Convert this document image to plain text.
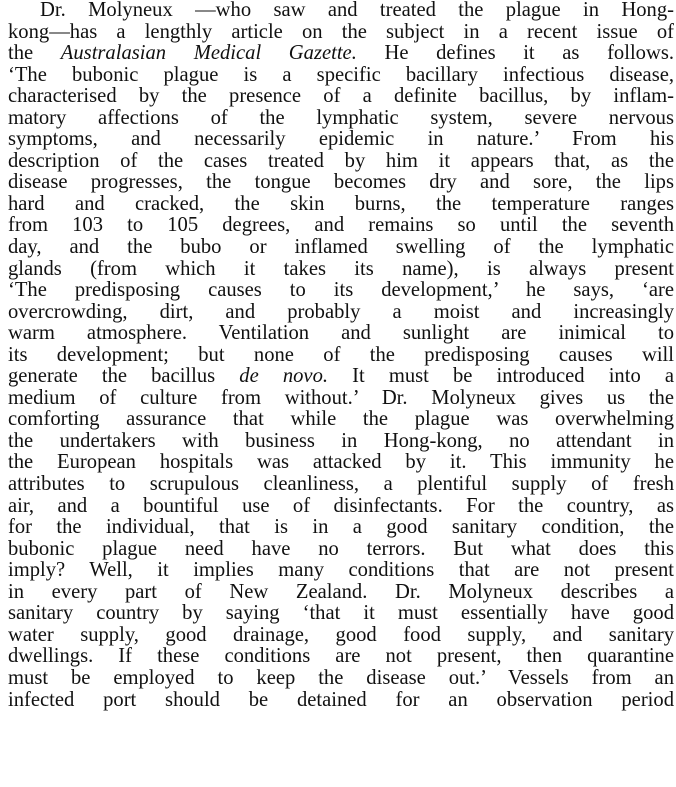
Dr. Molyneux —who saw and treated the plague in Hong-
kong—has a lengthly article on the subject in a recent issue of
the Australasian Medical Gazette. He defines it as follows.
‘The bubonic plague is a specific bacillary infectious disease,
characterised by the presence of a definite bacillus, by inflam-
matory affections of the lymphatic system, severe nervous
symptoms, and necessarily epidemic in nature.’ From his
description of the cases treated by him it appears that, as the
disease progresses, the tongue becomes dry and sore, the lips
hard and cracked, the skin burns, the temperature ranges
from 103 to 105 degrees, and remains so until the seventh
day, and the bubo or inflamed swelling of the lymphatic
glands (from which it takes its name), is always present
‘The predisposing causes to its development,’ he says, ‘are
overcrowding, dirt, and probably a moist and increasingly
warm atmosphere. Ventilation and sunlight are inimical to
its development; but none of the predisposing causes will
generate the bacillus de novo. It must be introduced into a
medium of culture from without.’ Dr. Molyneux gives us the
comforting assurance that while the plague was overwhelming
the undertakers with business in Hong-kong, no attendant in
the European hospitals was attacked by it. This immunity he
attributes to scrupulous cleanliness, a plentiful supply of fresh
air, and a bountiful use of disinfectants. For the country, as
for the individual, that is in a good sanitary condition, the
bubonic plague need have no terrors. But what does this
imply? Well, it implies many conditions that are not present
in every part of New Zealand. Dr. Molyneux describes a
sanitary country by saying ‘that it must essentially have good
water supply, good drainage, good food supply, and sanitary
dwellings. If these conditions are not present, then quarantine
must be employed to keep the disease out.’ Vessels from an
infected port should be detained for an observation period
